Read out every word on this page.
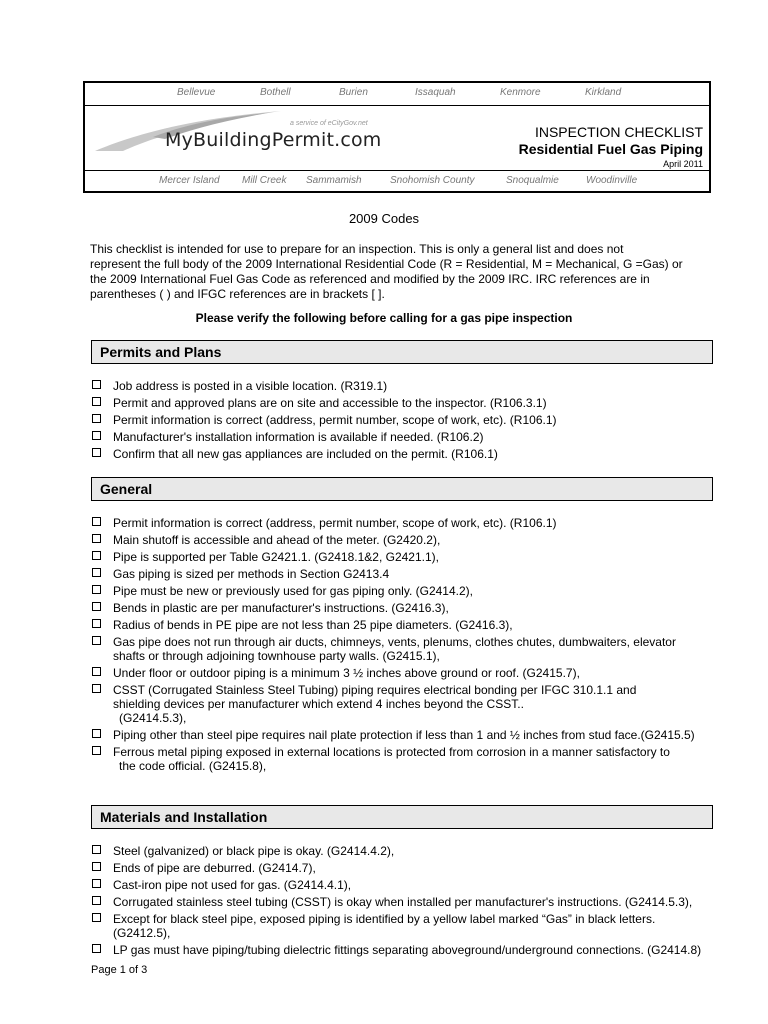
Bellevue	Bothell	Burien	Issaquah	Kenmore	Kirkland
a service of eCityGov.net
MyBuildingPermit.com	INSPECTION CHECKLIST
Residential Fuel Gas Piping
April 2011
Mercer Island Mill Creek Sammamish	Snohomish County	Snoqualmie	Woodinville
2009 Codes
This checklist is intended for use to prepare for an inspection. This is only a general list and does not
represent the full body of the 2009 International Residential Code (R = Residential, M = Mechanical, G =Gas) or
the 2009 International Fuel Gas Code as referenced and modified by the 2009 IRC. IRC references are in
parentheses ( ) and IFGC references are in brackets [ ].
Please verify the following before calling for a gas pipe inspection
Permits and Plans
Job address is posted in a visible location. (R319.1)
Permit and approved plans are on site and accessible to the inspector. (R106.3.1)
Permit information is correct (address, permit number, scope of work, etc). (R106.1)
Manufacturer's installation information is available if needed. (R106.2)
Confirm that all new gas appliances are included on the permit. (R106.1)
General
Permit information is correct (address, permit number, scope of work, etc). (R106.1)
Main shutoff is accessible and ahead of the meter. (G2420.2),
Pipe is supported per Table G2421.1. (G2418.1&2, G2421.1),
Gas piping is sized per methods in Section G2413.4
Pipe must be new or previously used for gas piping only. (G2414.2),
Bends in plastic are per manufacturer's instructions. (G2416.3),
Radius of bends in PE pipe are not less than 25 pipe diameters. (G2416.3),
Gas pipe does not run through air ducts, chimneys, vents, plenums, clothes chutes, dumbwaiters, elevator
shafts or through adjoining townhouse party walls. (G2415.1),
Under floor or outdoor piping is a minimum 3 ½ inches above ground or roof. (G2415.7),
CSST (Corrugated Stainless Steel Tubing) piping requires electrical bonding per IFGC 310.1.1 and
shielding devices per manufacturer which extend 4 inches beyond the CSST..
(G2414.5.3),
Piping other than steel pipe requires nail plate protection if less than 1 and ½ inches from stud face.(G2415.5)
Ferrous metal piping exposed in external locations is protected from corrosion in a manner satisfactory to
the code official. (G2415.8),
Materials and Installation
Steel (galvanized) or black pipe is okay. (G2414.4.2),
Ends of pipe are deburred. (G2414.7),
Cast-iron pipe not used for gas. (G2414.4.1),
Corrugated stainless steel tubing (CSST) is okay when installed per manufacturer's instructions. (G2414.5.3),
Except for black steel pipe, exposed piping is identified by a yellow label marked “Gas” in black letters.
(G2412.5),
LP gas must have piping/tubing dielectric fittings separating aboveground/underground connections. (G2414.8)
Page 1 of 3
